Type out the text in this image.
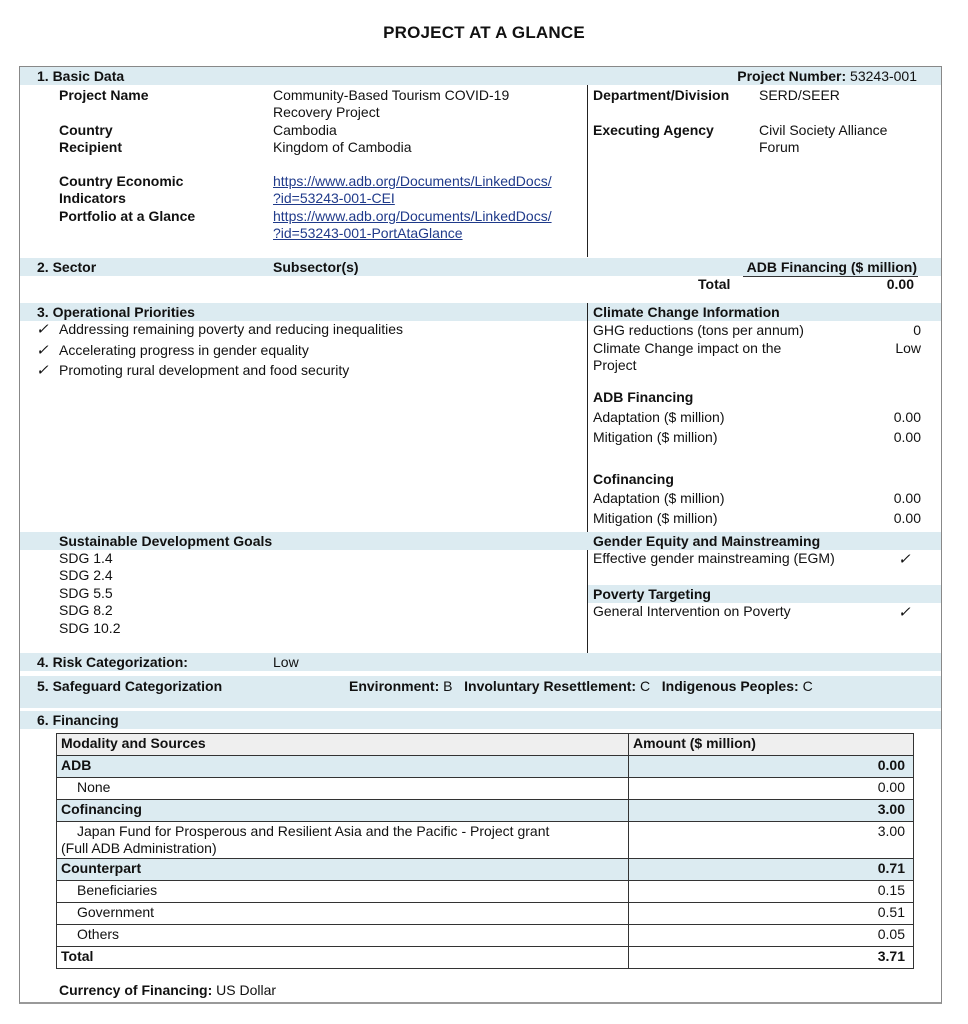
PROJECT AT A GLANCE
1. Basic Data	Project Number: 53243-001
Project Name	Community-Based Tourism COVID-19
Recovery Project
Country	Cambodia
Recipient	Kingdom of Cambodia
Country Economic
Indicators
https://www.adb.org/Documents/LinkedDocs/
?id=53243-001-CEI
Portfolio at a Glance	https://www.adb.org/Documents/LinkedDocs/
?id=53243-001-PortAtaGlance
Department/Division SERD/SEER
Executing Agency	Civil Society Alliance
Forum
2. Sector	Subsector(s)	ADB Financing ($ million)
Total	0.00
3. Operational Priorities	Climate Change Information
✓ Addressing remaining poverty and reducing inequalities
✓ Accelerating progress in gender equality
✓ Promoting rural development and food security
GHG reductions (tons per annum)	0
Climate Change impact on the
Project
Low
ADB Financing
Adaptation ($ million)	0.00
Mitigation ($ million)	0.00
Cofinancing
Adaptation ($ million)	0.00
Mitigation ($ million)	0.00
Sustainable Development Goals	Gender Equity and Mainstreaming
SDG 1.4
SDG 2.4
SDG 5.5
SDG 8.2
SDG 10.2
Effective gender mainstreaming (EGM)	✓
Poverty Targeting
General Intervention on Poverty	✓
4. Risk Categorization:	Low
5. Safeguard Categorization	Environment: B Involuntary Resettlement: C Indigenous Peoples: C
6. Financing
Modality and Sources	Amount ($ million)
ADB	0.00
None	0.00
Cofinancing	3.00

Japan Fund for Prosperous and Resilient Asia and the Pacific - Project grant
(Full ADB Administration)	3.00
Counterpart	0.71
Beneficiaries	0.15
Government	0.51
Others	0.05
Total	3.71
Currency of Financing: US Dollar
